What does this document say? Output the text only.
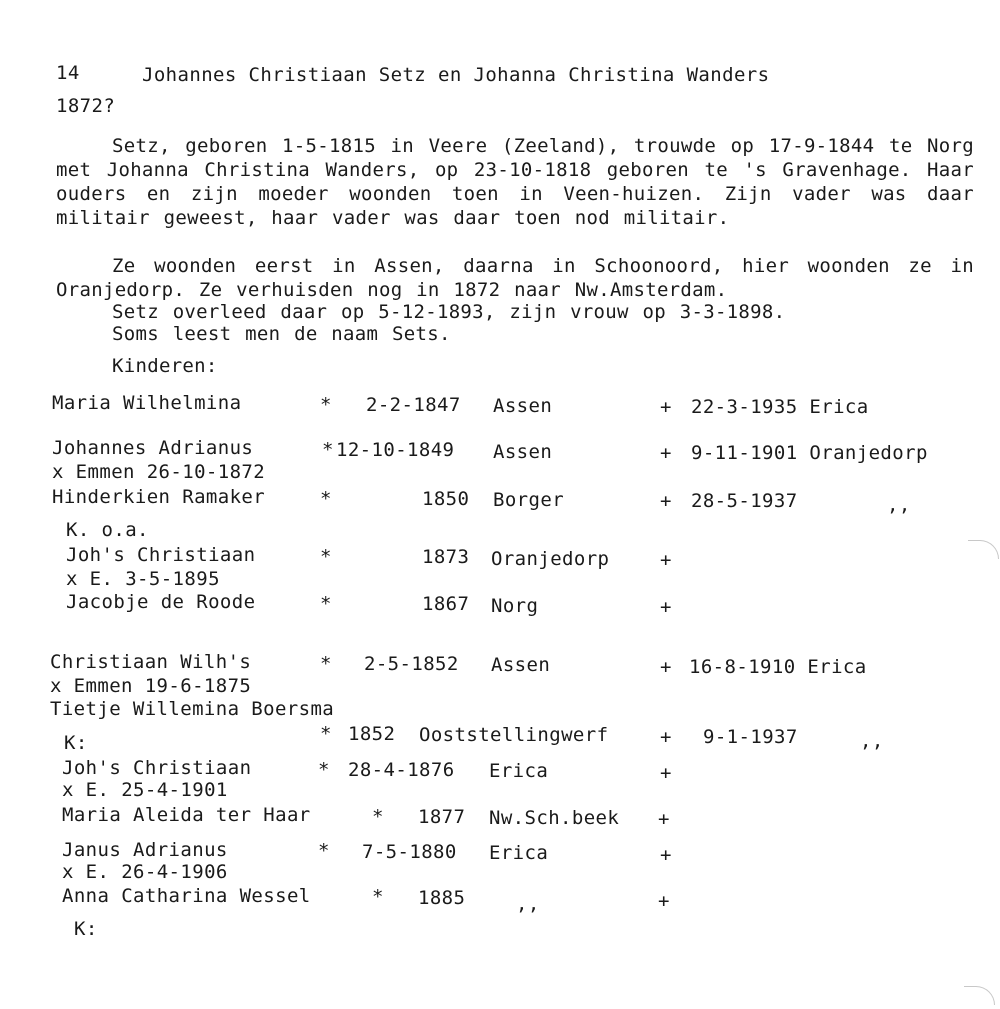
14	Johannes Christiaan Setz en Johanna Christina Wanders
1872?
Setz, geboren 1-5-1815 in Veere (Zeeland), trouwde op 17-9-1844 te Norg met Johanna Christina Wanders, op 23-10-1818 geboren te 's Gravenhage. Haar ouders en zijn moeder woonden toen in Veen-huizen. Zijn vader was daar militair geweest, haar vader was daar toen nod militair.
Ze woonden eerst in Assen, daarna in Schoonoord, hier woonden ze in Oranjedorp. Ze verhuisden nog in 1872 naar Nw.Amsterdam.
Setz overleed daar op 5-12-1893, zijn vrouw op 3-3-1898.
Soms leest men de naam Sets.
Kinderen:
Maria Wilhelmina	* 2-2-1847 Assen	+ 22-3-1935 Erica
Johannes Adrianus	* 12-10-1849 Assen	+ 9-11-1901 Oranjedorp
x Emmen 26-10-1872
Hinderkien Ramaker	*	1850 Borger	+ 28-5-1937	,,
K. o.a.
Joh's Christiaan	*	1873 Oranjedorp	+
x E. 3-5-1895
Jacobje de Roode	*	1867 Norg	+
Christiaan Wilh's	* 2-5-1852 Assen	+ 16-8-1910 Erica
x Emmen 19-6-1875
Tietje Willemina Boersma
K:	* 1852 Ooststellingwerf	+ 9-1-1937	,,
Joh's Christiaan	* 28-4-1876 Erica	+
x E. 25-4-1901
Maria Aleida ter Haar	* 1877 Nw.Sch.beek +
Janus Adrianus	* 7-5-1880 Erica	+
x E. 26-4-1906
Anna Catharina Wessel	* 1885	,,	+
K:
